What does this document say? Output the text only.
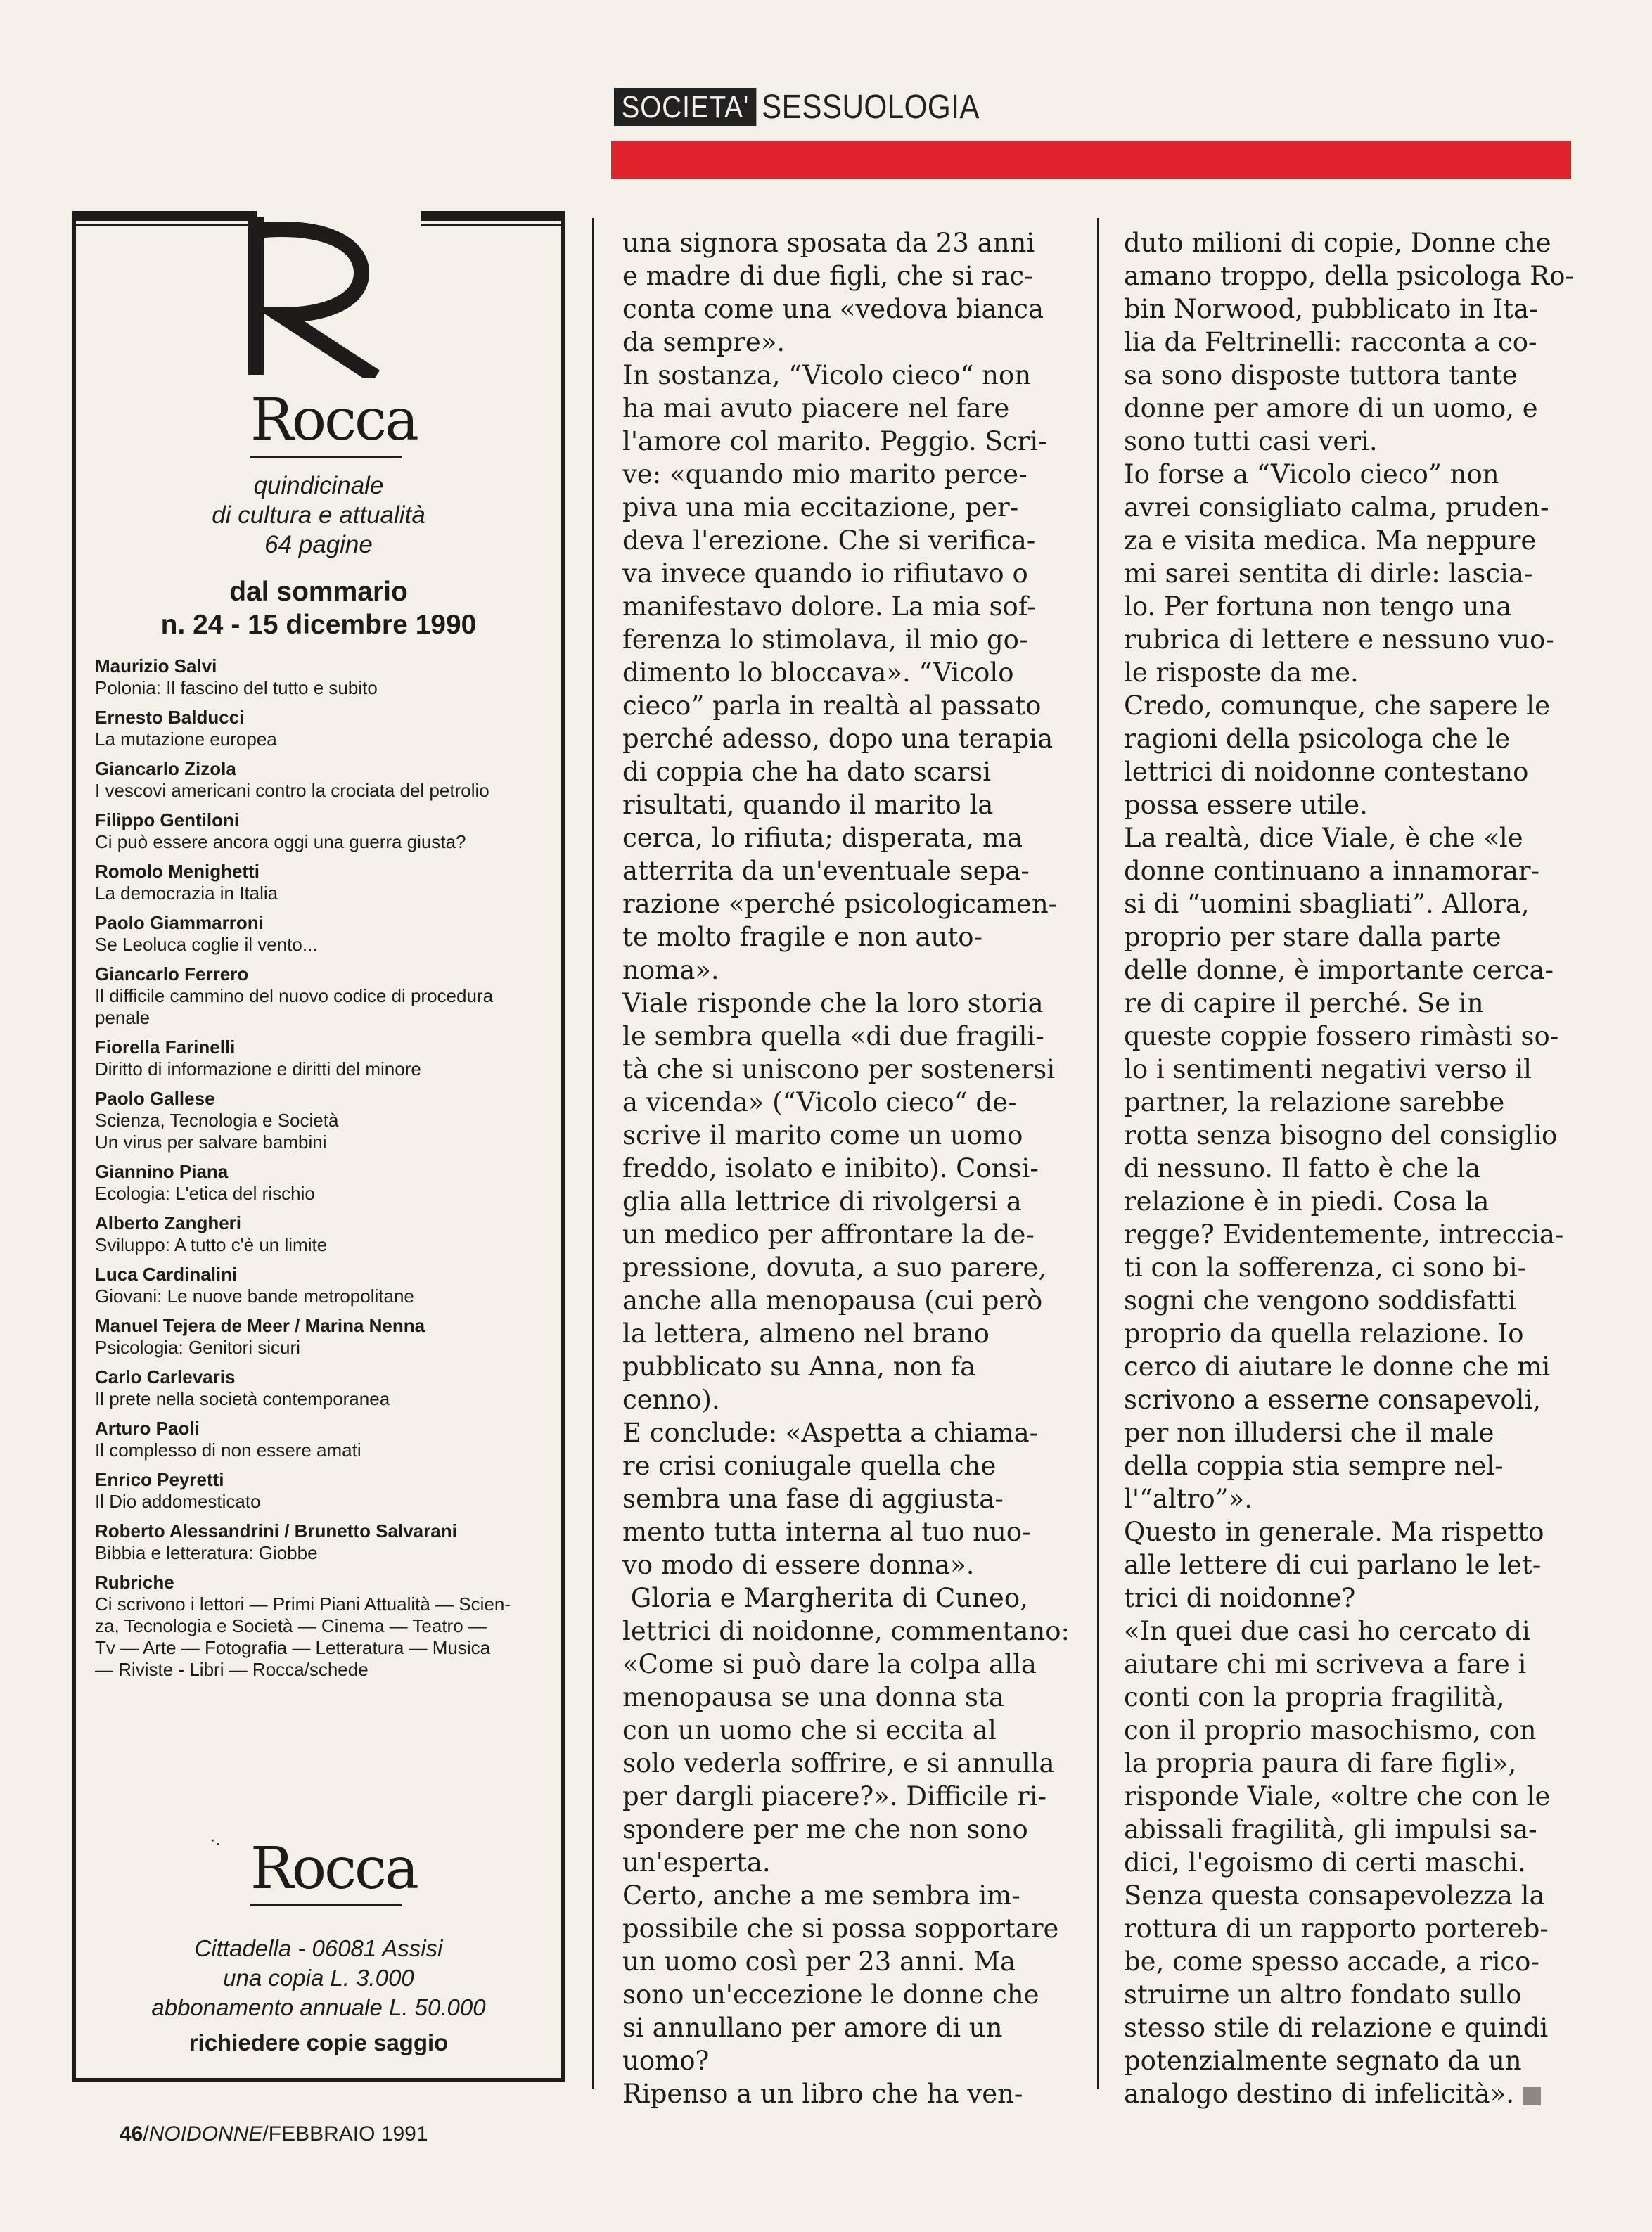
SOCIETA' SESSUOLOGIA
Rocca
quindicinale
di cultura e attualità
64 pagine
dal sommario
n. 24 - 15 dicembre 1990
Maurizio Salvi
Polonia: Il fascino del tutto e subito
Ernesto Balducci
La mutazione europea
Giancarlo Zizola
I vescovi americani contro la crociata del petrolio
Filippo Gentiloni
Ci può essere ancora oggi una guerra giusta?
Romolo Menighetti
La democrazia in Italia
Paolo Giammarroni
Se Leoluca coglie il vento...
Giancarlo Ferrero
Il difficile cammino del nuovo codice di procedura
penale
Fiorella Farinelli
Diritto di informazione e diritti del minore
Paolo Gallese
Scienza, Tecnologia e Società
Un virus per salvare bambini
Giannino Piana
Ecologia: L'etica del rischio
Alberto Zangheri
Sviluppo: A tutto c'è un limite
Luca Cardinalini
Giovani: Le nuove bande metropolitane
Manuel Tejera de Meer / Marina Nenna
Psicologia: Genitori sicuri
Carlo Carlevaris
Il prete nella società contemporanea
Arturo Paoli
Il complesso di non essere amati
Enrico Peyretti
Il Dio addomesticato
Roberto Alessandrini / Brunetto Salvarani
Bibbia e letteratura: Giobbe
Rubriche
Ci scrivono i lettori — Primi Piani Attualità — Scien-
za, Tecnologia e Società — Cinema — Teatro —
Tv — Arte — Fotografia — Letteratura — Musica
— Riviste - Libri — Rocca/schede
·. Rocca
Cittadella - 06081 Assisi
una copia L. 3.000
abbonamento annuale L. 50.000
richiedere copie saggio

una signora sposata da 23 anni

e madre di due figli, che si rac-

conta come una «vedova bianca

da sempre».

In sostanza, “Vicolo cieco“ non

ha mai avuto piacere nel fare

l'amore col marito. Peggio. Scri-

ve: «quando mio marito perce-

piva una mia eccitazione, per-

deva l'erezione. Che si verifica-

va invece quando io rifiutavo o

manifestavo dolore. La mia sof-

ferenza lo stimolava, il mio go-

dimento lo bloccava». “Vicolo

cieco” parla in realtà al passato

perché adesso, dopo una terapia

di coppia che ha dato scarsi

risultati, quando il marito la

cerca, lo rifiuta; disperata, ma

atterrita da un'eventuale sepa-

razione «perché psicologicamen-

te molto fragile e non auto-

noma».

Viale risponde che la loro storia

le sembra quella «di due fragili-

tà che si uniscono per sostenersi

a vicenda» (“Vicolo cieco“ de-

scrive il marito come un uomo

freddo, isolato e inibito). Consi-

glia alla lettrice di rivolgersi a

un medico per affrontare la de-

pressione, dovuta, a suo parere,

anche alla menopausa (cui però

la lettera, almeno nel brano

pubblicato su Anna, non fa

cenno).

E conclude: «Aspetta a chiama-

re crisi coniugale quella che

sembra una fase di aggiusta-

mento tutta interna al tuo nuo-

vo modo di essere donna».

Gloria e Margherita di Cuneo,

lettrici di noidonne, commentano:

«Come si può dare la colpa alla

menopausa se una donna sta

con un uomo che si eccita al

solo vederla soffrire, e si annulla

per dargli piacere?». Difficile ri-

spondere per me che non sono

un'esperta.

Certo, anche a me sembra im-

possibile che si possa sopportare

un uomo così per 23 anni. Ma

sono un'eccezione le donne che

si annullano per amore di un

uomo?

Ripenso a un libro che ha ven-

duto milioni di copie, Donne che

amano troppo, della psicologa Ro-

bin Norwood, pubblicato in Ita-

lia da Feltrinelli: racconta a co-

sa sono disposte tuttora tante

donne per amore di un uomo, e

sono tutti casi veri.

Io forse a “Vicolo cieco” non

avrei consigliato calma, pruden-

za e visita medica. Ma neppure

mi sarei sentita di dirle: lascia-

lo. Per fortuna non tengo una

rubrica di lettere e nessuno vuo-

le risposte da me.

Credo, comunque, che sapere le

ragioni della psicologa che le

lettrici di noidonne contestano

possa essere utile.

La realtà, dice Viale, è che «le

donne continuano a innamorar-

si di “uomini sbagliati”. Allora,

proprio per stare dalla parte

delle donne, è importante cerca-

re di capire il perché. Se in

queste coppie fossero rimàsti so-

lo i sentimenti negativi verso il

partner, la relazione sarebbe

rotta senza bisogno del consiglio

di nessuno. Il fatto è che la

relazione è in piedi. Cosa la

regge? Evidentemente, intreccia-

ti con la sofferenza, ci sono bi-

sogni che vengono soddisfatti

proprio da quella relazione. Io

cerco di aiutare le donne che mi

scrivono a esserne consapevoli,

per non illudersi che il male

della coppia stia sempre nel-

l'“altro”».

Questo in generale. Ma rispetto

alle lettere di cui parlano le let-

trici di noidonne?

«In quei due casi ho cercato di

aiutare chi mi scriveva a fare i

conti con la propria fragilità,

con il proprio masochismo, con

la propria paura di fare figli»,

risponde Viale, «oltre che con le

abissali fragilità, gli impulsi sa-

dici, l'egoismo di certi maschi.

Senza questa consapevolezza la

rottura di un rapporto portereb-

be, come spesso accade, a rico-

struirne un altro fondato sullo

stesso stile di relazione e quindi

potenzialmente segnato da un

analogo destino di infelicità».

46/NOIDONNE/FEBBRAIO 1991
